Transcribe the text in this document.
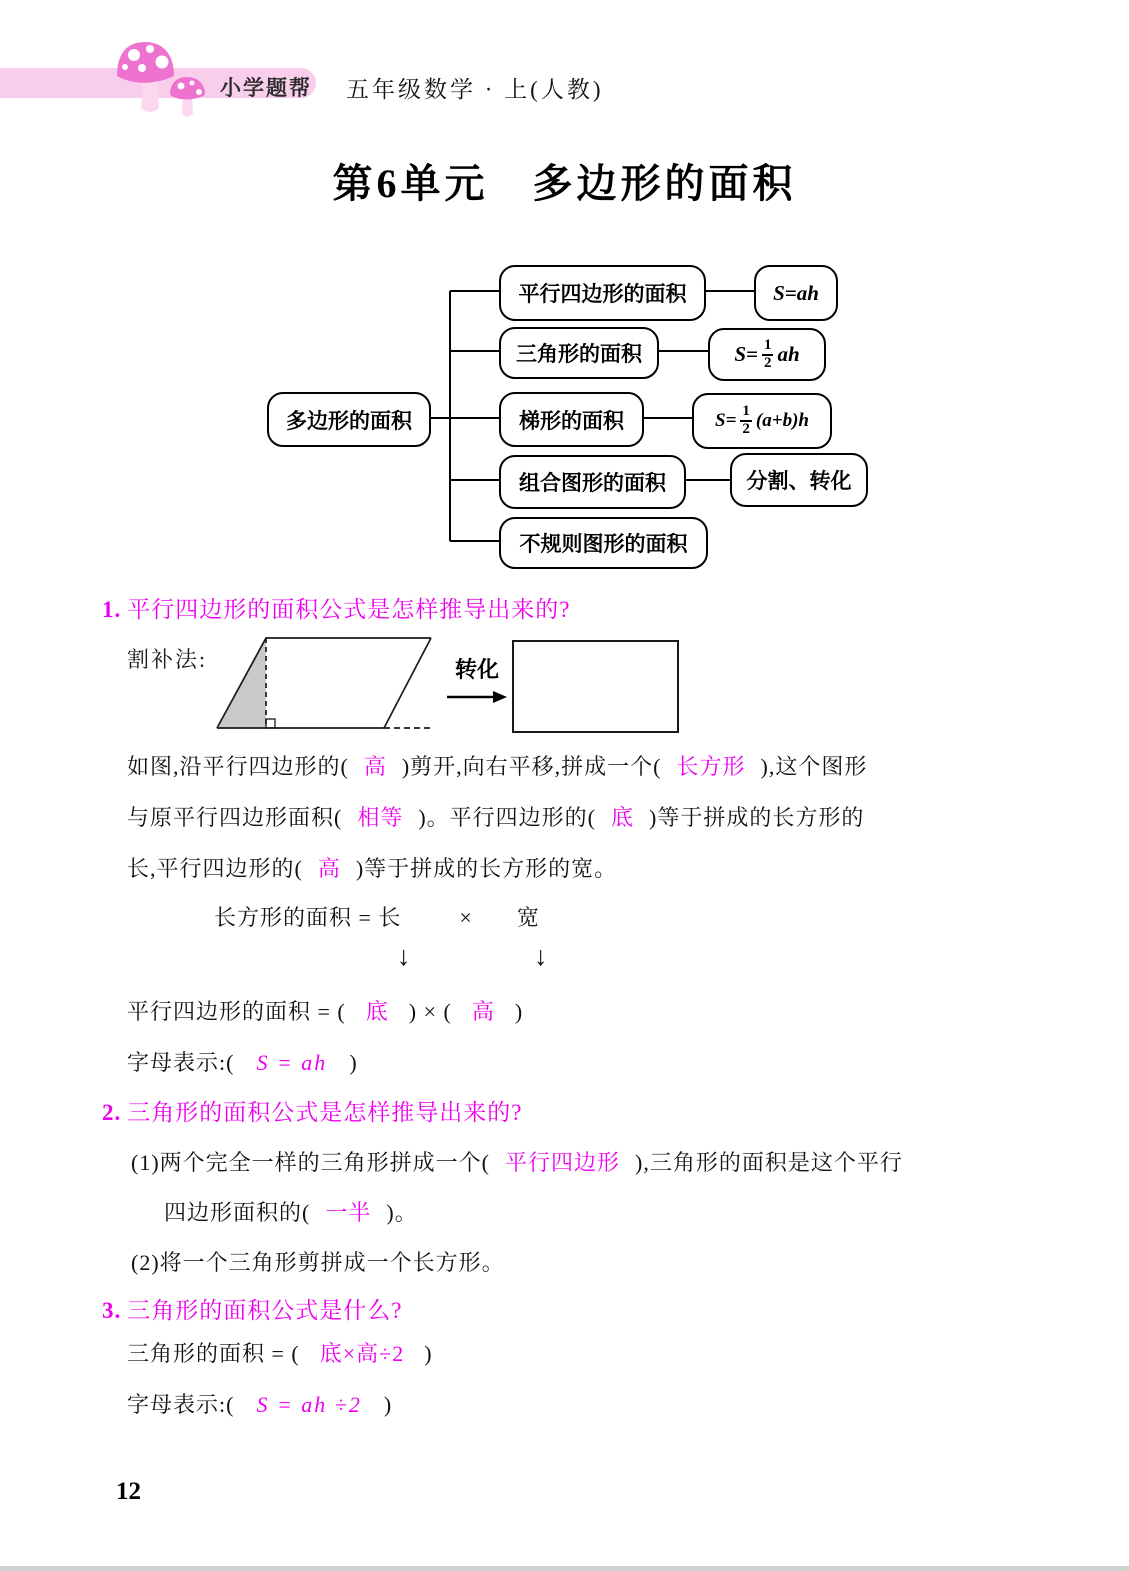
小学题帮 五年级数学 · 上(人教)
第6单元　多边形的面积
多边形的面积
平行四边形的面积	S=ah
三角形的面积	$S= \frac{1}{2}$ ah
梯形的面积	$S= \frac{1}{2} (a+b)h$
组合图形的面积	分割、转化
不规则图形的面积
1. 平行四边形的面积公式是怎样推导出来的?
割补法:	转化
如图,沿平行四边形的( 高 )剪开,向右平移,拼成一个( 长方形 ),这个图形
与原平行四边形面积( 相等 )。平行四边形的( 底 )等于拼成的长方形的
长,平行四边形的( 高 )等于拼成的长方形的宽。
长方形的面积 = 长	× 宽
↓	↓
平行四边形的面积 = ( 底 ) × ( 高 )
字母表示:( S = ah )
2. 三角形的面积公式是怎样推导出来的?
(1)两个完全一样的三角形拼成一个( 平行四边形 ),三角形的面积是这个平行
四边形面积的( 一半 )。
(2)将一个三角形剪拼成一个长方形。
3. 三角形的面积公式是什么?
三角形的面积 = ( 底×高÷2 )
字母表示:( S = ah ÷2 )
12
